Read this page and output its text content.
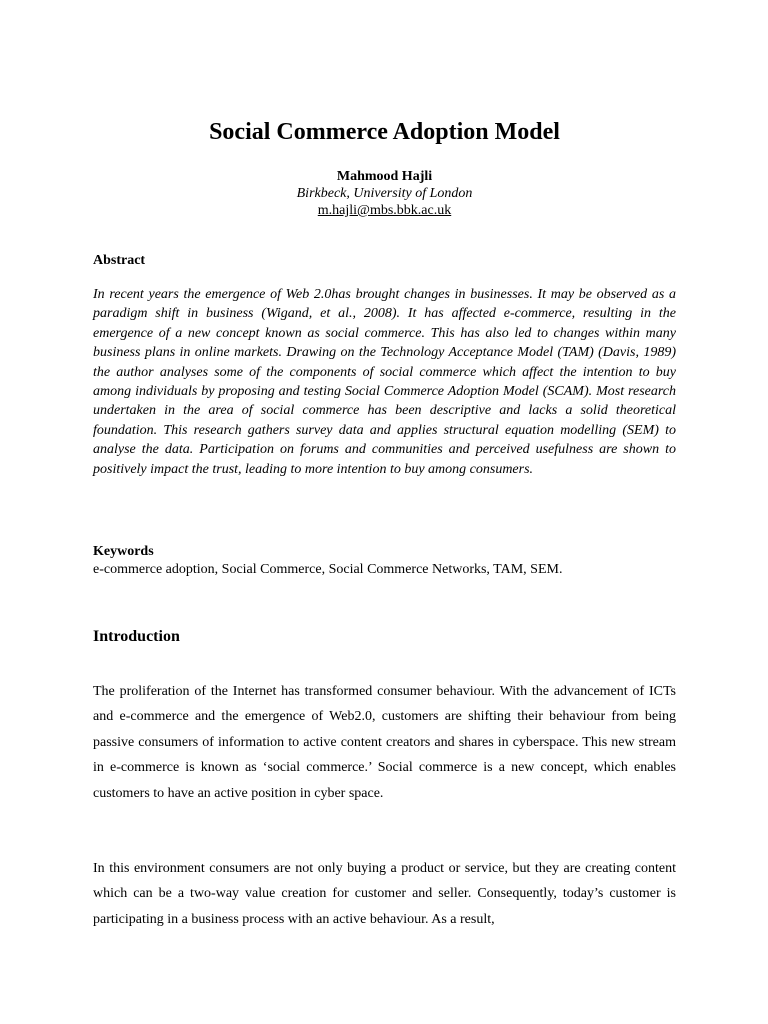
Social Commerce Adoption Model
Mahmood Hajli
Birkbeck, University of London
m.hajli@mbs.bbk.ac.uk
Abstract

In recent years the emergence of Web 2.0has brought changes in businesses. It may be observed as a paradigm shift in business (Wigand, et al., 2008). It has affected e-commerce, resulting in the emergence of a new concept known as social commerce. This has also led to changes within many business plans in online markets. Drawing on the Technology Acceptance Model (TAM) (Davis, 1989) the author analyses some of the components of social commerce which affect the intention to buy among individuals by proposing and testing Social Commerce Adoption Model (SCAM). Most research undertaken in the area of social commerce has been descriptive and lacks a solid theoretical foundation. This research gathers survey data and applies structural equation modelling (SEM) to analyse the data. Participation on forums and communities and perceived usefulness are shown to positively impact the trust, leading to more intention to buy among consumers.

Keywords
e-commerce adoption, Social Commerce, Social Commerce Networks, TAM, SEM.
Introduction

The proliferation of the Internet has transformed consumer behaviour. With the advancement of ICTs and e-commerce and the emergence of Web2.0, customers are shifting their behaviour from being passive consumers of information to active content creators and shares in cyberspace. This new stream in e-commerce is known as ‘social commerce.’ Social commerce is a new concept, which enables customers to have an active position in cyber space.

In this environment consumers are not only buying a product or service, but they are creating content which can be a two-way value creation for customer and seller. Consequently, today’s customer is participating in a business process with an active behaviour. As a result,
